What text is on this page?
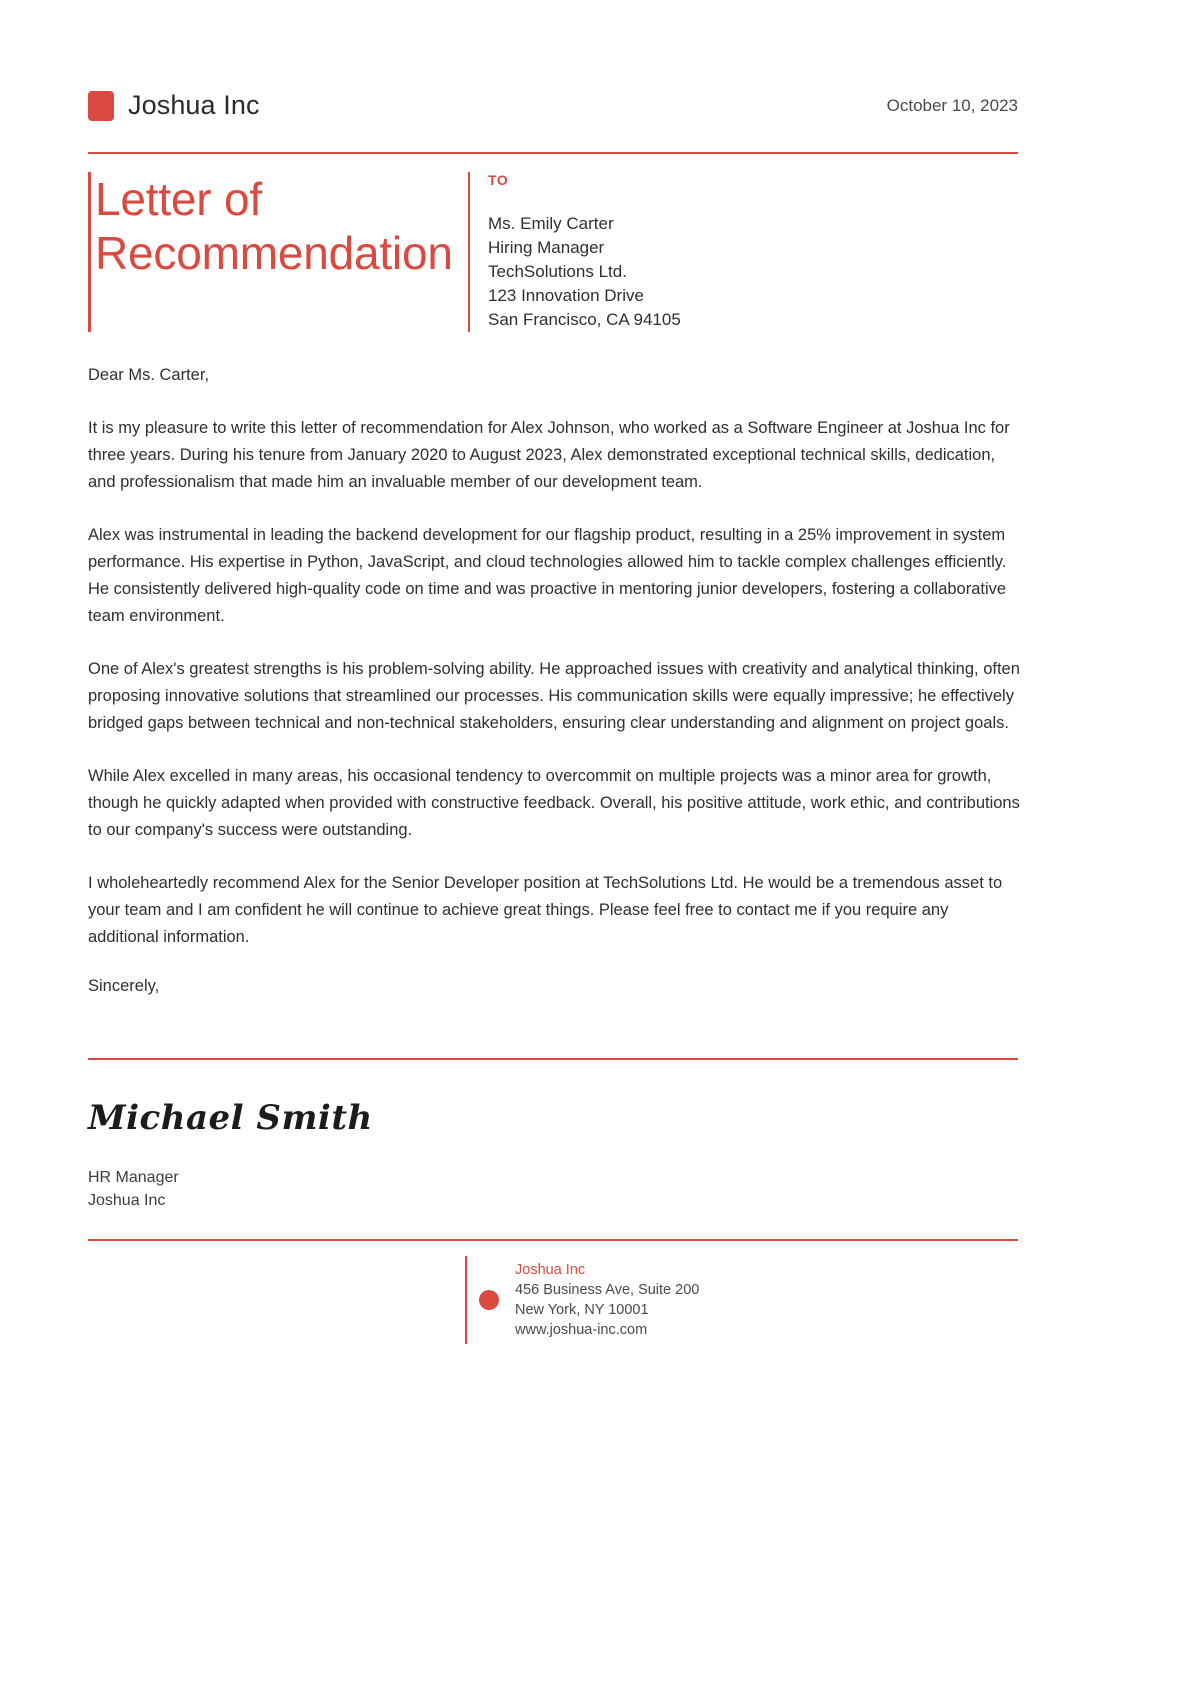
Joshua Inc	October 10, 2023
Letter of Recommendation
TO
Ms. Emily Carter
Hiring Manager
TechSolutions Ltd.
123 Innovation Drive
San Francisco, CA 94105

Dear Ms. Carter,

It is my pleasure to write this letter of recommendation for Alex Johnson, who worked as a Software Engineer at Joshua Inc for three years. During his tenure from January 2020 to August 2023, Alex demonstrated exceptional technical skills, dedication, and professionalism that made him an invaluable member of our development team.

Alex was instrumental in leading the backend development for our flagship product, resulting in a 25% improvement in system performance. His expertise in Python, JavaScript, and cloud technologies allowed him to tackle complex challenges efficiently. He consistently delivered high-quality code on time and was proactive in mentoring junior developers, fostering a collaborative team environment.

One of Alex's greatest strengths is his problem-solving ability. He approached issues with creativity and analytical thinking, often proposing innovative solutions that streamlined our processes. His communication skills were equally impressive; he effectively bridged gaps between technical and non-technical stakeholders, ensuring clear understanding and alignment on project goals.

While Alex excelled in many areas, his occasional tendency to overcommit on multiple projects was a minor area for growth, though he quickly adapted when provided with constructive feedback. Overall, his positive attitude, work ethic, and contributions to our company's success were outstanding.

I wholeheartedly recommend Alex for the Senior Developer position at TechSolutions Ltd. He would be a tremendous asset to your team and I am confident he will continue to achieve great things. Please feel free to contact me if you require any additional information.

Sincerely,

Michael Smith
HR Manager
Joshua Inc
Joshua Inc
456 Business Ave, Suite 200
New York, NY 10001
www.joshua-inc.com
